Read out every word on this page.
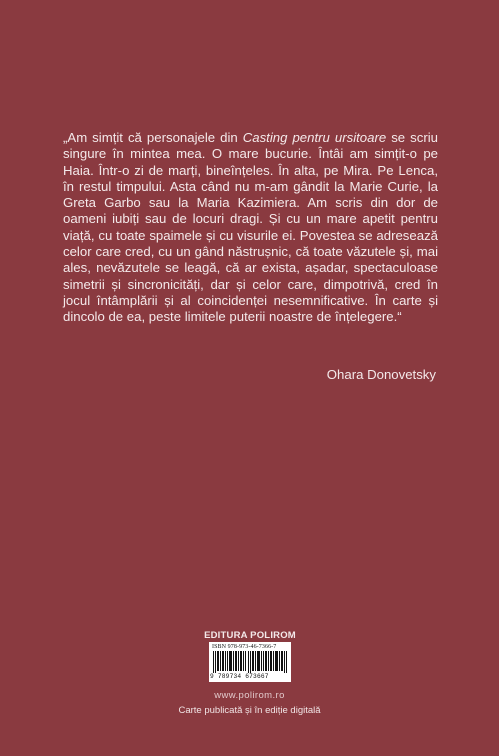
„Am simțit că personajele din Casting pentru ursitoare se scriu singure în mintea mea. O mare bucurie. Întâi am simțit-o pe Haia. Într-o zi de marți, bineînțeles. În alta, pe Mira. Pe Lenca, în restul timpului. Asta când nu m-am gândit la Marie Curie, la Greta Garbo sau la Maria Kazimiera. Am scris din dor de oameni iubiți sau de locuri dragi. Și cu un mare apetit pentru viață, cu toate spaimele și cu visurile ei. Povestea se adresează celor care cred, cu un gând năstrușnic, că toate văzutele și, mai ales, nevăzutele se leagă, că ar exista, așadar, spectaculoase simetrii și sincronicități, dar și celor care, dimpotrivă, cred în jocul întâmplării și al coincidenței nesemnificative. În carte și dincolo de ea, peste limitele puterii noastre de înțelegere.“

Ohara Donovetsky
EDITURA POLIROM
ISBN 978-973-46-7366-7
9 789734 673667
www.polirom.ro
Carte publicată și în ediție digitală
